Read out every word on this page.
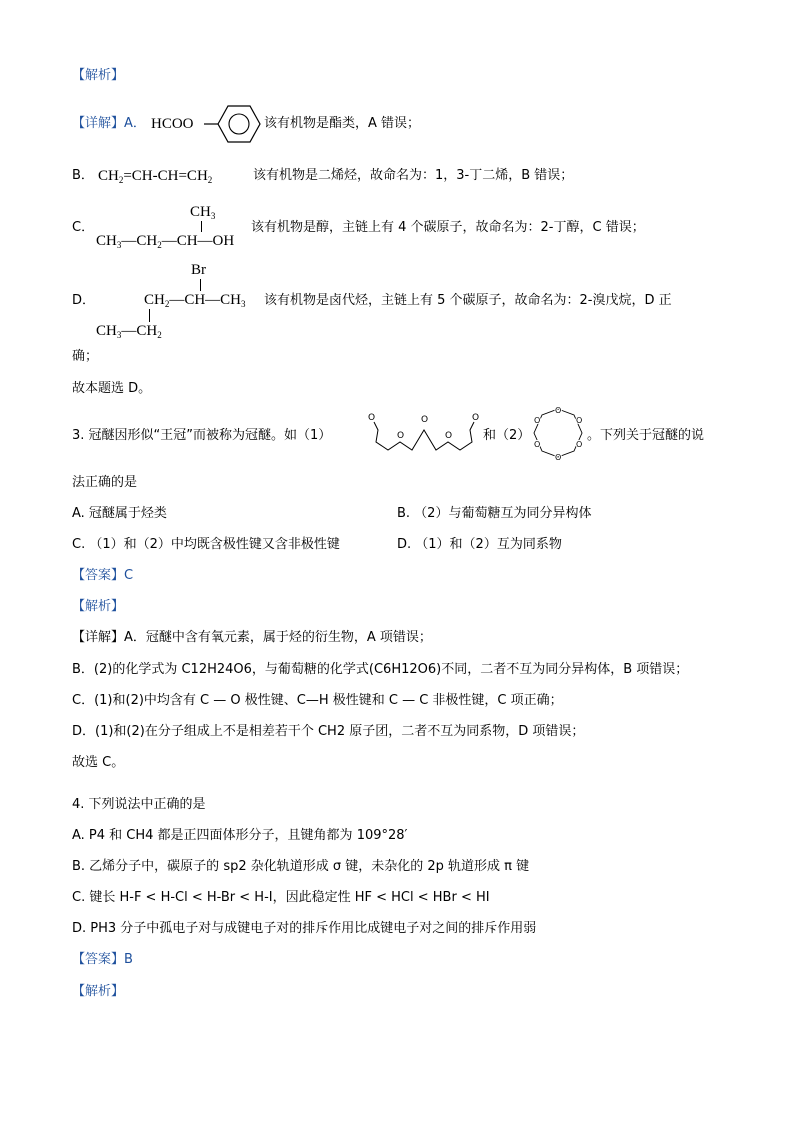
【解析】
【详解】A． HCOO	该有机物是酯类，A 错误；
B． $CH_2=CH-CH=CH_2$	该有机物是二烯烃，故命名为：1，3-丁二烯，B 错误；
C．
$CH_3$
$CH_3—CH_2—CH—OH$
该有机物是醇，主链上有 4 个碳原子，故命名为：2-丁醇，C 错误；
D．
Br
$CH_2—CH—CH_3$
$CH_3—CH_2$
该有机物是卤代烃，主链上有 5 个碳原子，故命名为：2-溴戊烷，D 正
确；
故本题选 D。
3. 冠醚因形似“王冠”而被称为冠醚。如（1）
O
O
O
O
O
和（2）
O
O
O
O
O
O
。下列关于冠醚的说
法正确的是
A. 冠醚属于烃类	B. （2）与葡萄糖互为同分异构体
C. （1）和（2）中均既含极性键又含非极性键	D. （1）和（2）互为同系物
【答案】C
【解析】
【详解】A．冠醚中含有氧元素，属于烃的衍生物，A 项错误；
B．(2)的化学式为 C12H24O6，与葡萄糖的化学式(C6H12O6)不同，二者不互为同分异构体，B 项错误；
C．(1)和(2)中均含有 C — O 极性键、C—H 极性键和 C — C 非极性键，C 项正确；
D．(1)和(2)在分子组成上不是相差若干个 CH2 原子团，二者不互为同系物，D 项错误；
故选 C。
4. 下列说法中正确的是
A. P4 和 CH4 都是正四面体形分子，且键角都为 109°28′
B. 乙烯分子中，碳原子的 sp2 杂化轨道形成 σ 键，未杂化的 2p 轨道形成 π 键
C. 键长 H-F < H-Cl < H-Br < H-I，因此稳定性 HF < HCl < HBr < HI
D. PH3 分子中孤电子对与成键电子对的排斥作用比成键电子对之间的排斥作用弱
【答案】B
【解析】
